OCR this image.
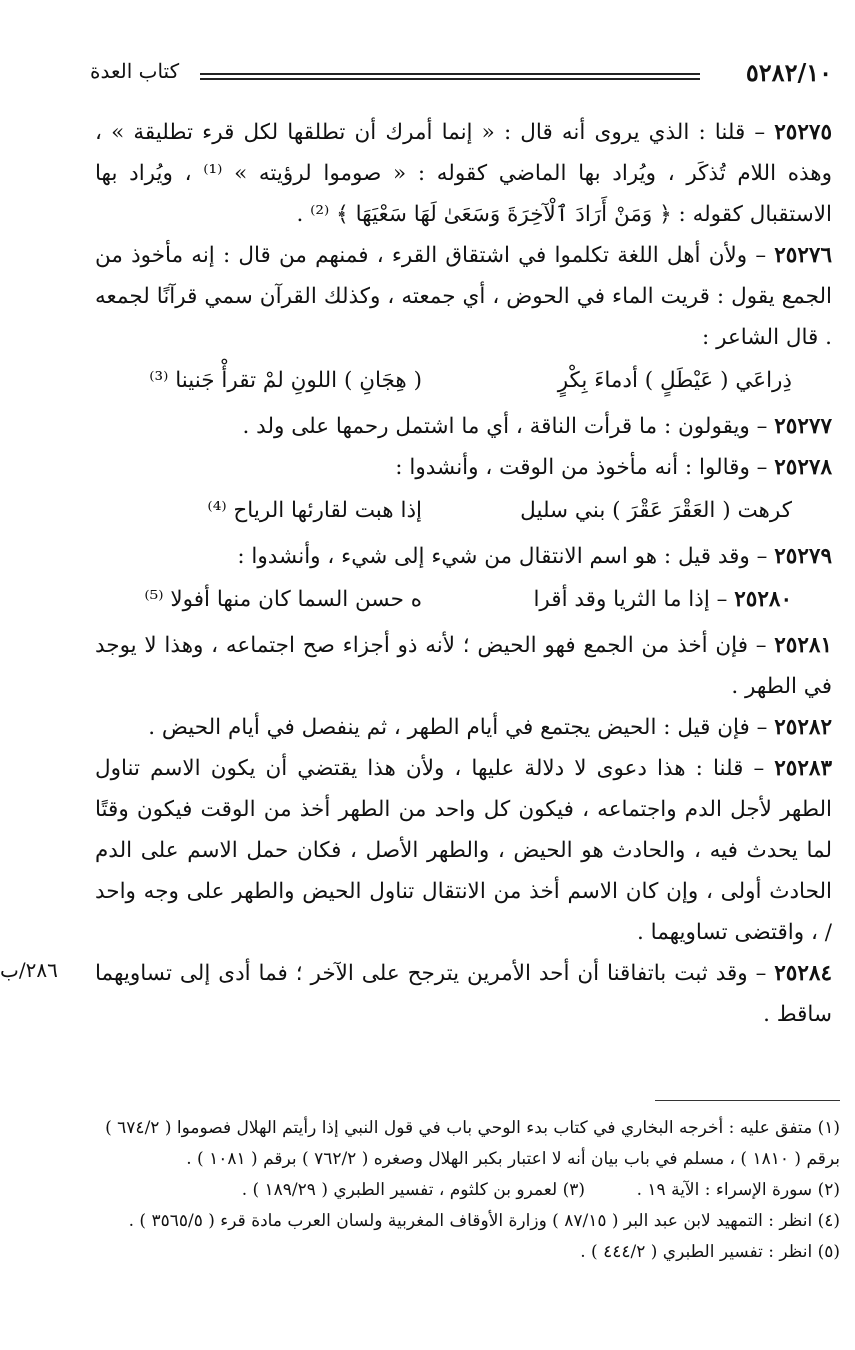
٥٢٨٢/١٠
كتاب العدة

٢٥٢٧٥ – قلنا : الذي يروى أنه قال : « إنما أمرك أن تطلقها لكل قرء تطليقة » ، وهذه اللام تُذكَر ، ويُراد بها الماضي كقوله : « صوموا لرؤيته » ⁽¹⁾ ، ويُراد بها الاستقبال كقوله : ﴿ وَمَنْ أَرَادَ ٱلْآخِرَةَ وَسَعَىٰ لَهَا سَعْيَهَا ﴾ ⁽²⁾ .

٢٥٢٧٦ – ولأن أهل اللغة تكلموا في اشتقاق القرء ، فمنهم من قال : إنه مأخوذ من الجمع يقول : قريت الماء في الحوض ، أي جمعته ، وكذلك القرآن سمي قرآنًا لجمعه . قال الشاعر :

ذِراعَي ( عَيْطَلٍ ) أدماءَ بِكْرٍ
( هِجَانِ ) اللونِ لمْ تقرأْ جَنينا ⁽³⁾

٢٥٢٧٧ – ويقولون : ما قرأت الناقة ، أي ما اشتمل رحمها على ولد .

٢٥٢٧٨ – وقالوا : أنه مأخوذ من الوقت ، وأنشدوا :

كرهت ( العَقْرَ عَقْرَ ) بني سليل
إذا هبت لقارئها الرياح ⁽⁴⁾

٢٥٢٧٩ – وقد قيل : هو اسم الانتقال من شيء إلى شيء ، وأنشدوا :

٢٥٢٨٠ – إذا ما الثريا وقد أقرا
ه حسن السما كان منها أفولا ⁽⁵⁾

٢٥٢٨١ – فإن أخذ من الجمع فهو الحيض ؛ لأنه ذو أجزاء صح اجتماعه ، وهذا لا يوجد في الطهر .

٢٥٢٨٢ – فإن قيل : الحيض يجتمع في أيام الطهر ، ثم ينفصل في أيام الحيض .

٢٥٢٨٣ – قلنا : هذا دعوى لا دلالة عليها ، ولأن هذا يقتضي أن يكون الاسم تناول الطهر لأجل الدم واجتماعه ، فيكون كل واحد من الطهر أخذ من الوقت فيكون وقتًا لما يحدث فيه ، والحادث هو الحيض ، والطهر الأصل ، فكان حمل الاسم على الدم الحادث أولى ، وإن كان الاسم أخذ من الانتقال تناول الحيض والطهر على وجه واحد / ، واقتضى تساويهما .

٢٥٢٨٤ – وقد ثبت باتفاقنا أن أحد الأمرين يترجح على الآخر ؛ فما أدى إلى تساويهما ساقط .

٢٨٦/ب

(١) متفق عليه : أخرجه البخاري في كتاب بدء الوحي باب في قول النبي إذا رأيتم الهلال فصوموا ( ٦٧٤/٢ )

برقم ( ١٨١٠ ) ، مسلم في باب بيان أنه لا اعتبار بكبر الهلال وصغره ( ٧٦٢/٢ ) برقم ( ١٠٨١ ) .

(٢) سورة الإسراء : الآية ١٩ .
(٣) لعمرو بن كلثوم ، تفسير الطبري ( ١٨٩/٢٩ ) .

(٤) انظر : التمهيد لابن عبد البر ( ٨٧/١٥ ) وزارة الأوقاف المغربية ولسان العرب مادة قرء ( ٣٥٦٥/٥ ) .

(٥) انظر : تفسير الطبري ( ٤٤٤/٢ ) .
